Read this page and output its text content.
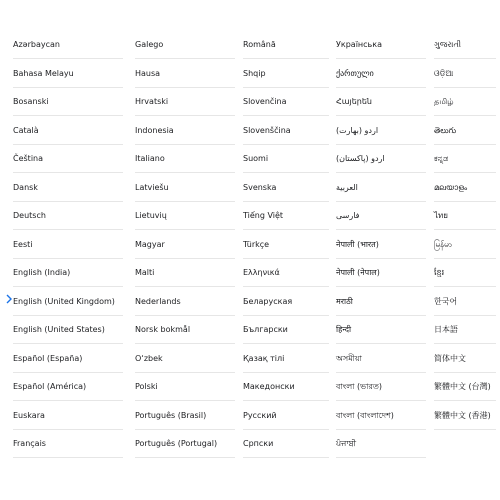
Azərbaycan
Bahasa Melayu
Bosanski
Català
Čeština
Dansk
Deutsch
Eesti
English (India)
English (United Kingdom)
English (United States)
Español (España)
Español (América)
Euskara
Français
Galego
Hausa
Hrvatski
Indonesia
Italiano
Latviešu
Lietuvių
Magyar
Malti
Nederlands
Norsk bokmål
O‘zbek
Polski
Português (Brasil)
Português (Portugal)
Română
Shqip
Slovenčina
Slovenščina
Suomi
Svenska
Tiếng Việt
Türkçe
Ελληνικά
Беларуская
Български
Қазақ тілі
Македонски
Русский
Српски
Українська
ქართული
Հայերեն
اردو (بھارت)
اردو (پاکستان)
العربية
فارسی
नेपाली (भारत)
नेपाली (नेपाल)
मराठी
हिन्दी
অসমীয়া
বাংলা (ভারত)
বাংলা (বাংলাদেশ)
ਪੰਜਾਬੀ
ગુજરાતી
ଓଡ଼ିଆ
தமிழ்
తెలుగు
ಕನ್ನಡ
മലയാളം
ไทย
မြန်မာ
ខ្មែរ
한국어
日本語
简体中文
繁體中文 (台灣)
繁體中文 (香港)
